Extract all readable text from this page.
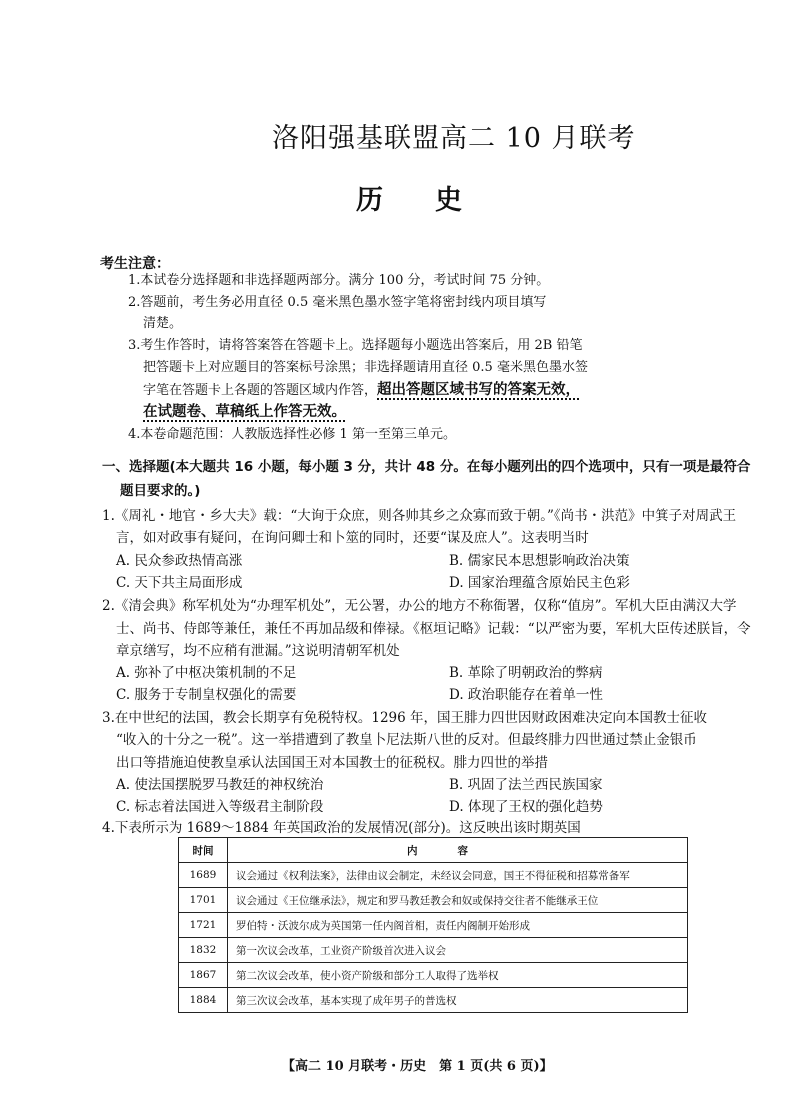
洛阳强基联盟高二 10 月联考
历史
考生注意：
1.本试卷分选择题和非选择题两部分。满分 100 分，考试时间 75 分钟。
2.答题前，考生务必用直径 0.5 毫米黑色墨水签字笔将密封线内项目填写
清楚。
3.考生作答时，请将答案答在答题卡上。选择题每小题选出答案后，用 2B 铅笔
把答题卡上对应题目的答案标号涂黑；非选择题请用直径 0.5 毫米黑色墨水签
字笔在答题卡上各题的答题区域内作答，超出答题区域书写的答案无效，
在试题卷、草稿纸上作答无效。
4.本卷命题范围：人教版选择性必修 1 第一至第三单元。
一、选择题(本大题共 16 小题，每小题 3 分，共计 48 分。在每小题列出的四个选项中，只有一项是最符合
题目要求的。)
1.《周礼・地官・乡大夫》载：“大询于众庶，则各帅其乡之众寡而致于朝。”《尚书・洪范》中箕子对周武王
言，如对政事有疑问，在询问卿士和卜筮的同时，还要“谋及庶人”。这表明当时
A. 民众参政热情高涨	B. 儒家民本思想影响政治决策
C. 天下共主局面形成	D. 国家治理蕴含原始民主色彩
2.《清会典》称军机处为“办理军机处”，无公署，办公的地方不称衙署，仅称“值房”。军机大臣由满汉大学
士、尚书、侍郎等兼任，兼任不再加品级和俸禄。《枢垣记略》记载：“以严密为要，军机大臣传述朕旨，令
章京缮写，均不应稍有泄漏。”这说明清朝军机处
A. 弥补了中枢决策机制的不足	B. 革除了明朝政治的弊病
C. 服务于专制皇权强化的需要	D. 政治职能存在着单一性
3.在中世纪的法国，教会长期享有免税特权。1296 年，国王腓力四世因财政困难决定向本国教士征收
“收入的十分之一税”。这一举措遭到了教皇卜尼法斯八世的反对。但最终腓力四世通过禁止金银币
出口等措施迫使教皇承认法国国王对本国教士的征税权。腓力四世的举措
A. 使法国摆脱罗马教廷的神权统治	B. 巩固了法兰西民族国家
C. 标志着法国进入等级君主制阶段	D. 体现了王权的强化趋势
4.下表所示为 1689～1884 年英国政治的发展情况(部分)。这反映出该时期英国
时间	内容
1689	议会通过《权利法案》，法律由议会制定，未经议会同意，国王不得征税和招募常备军
1701	议会通过《王位继承法》，规定和罗马教廷教会和奴或保持交往者不能继承王位
1721	罗伯特・沃波尔成为英国第一任内阁首相，责任内阁制开始形成
1832	第一次议会改革，工业资产阶级首次进入议会
1867	第二次议会改革，使小资产阶级和部分工人取得了选举权
1884	第三次议会改革，基本实现了成年男子的普选权
【高二 10 月联考・历史　第 1 页(共 6 页)】
